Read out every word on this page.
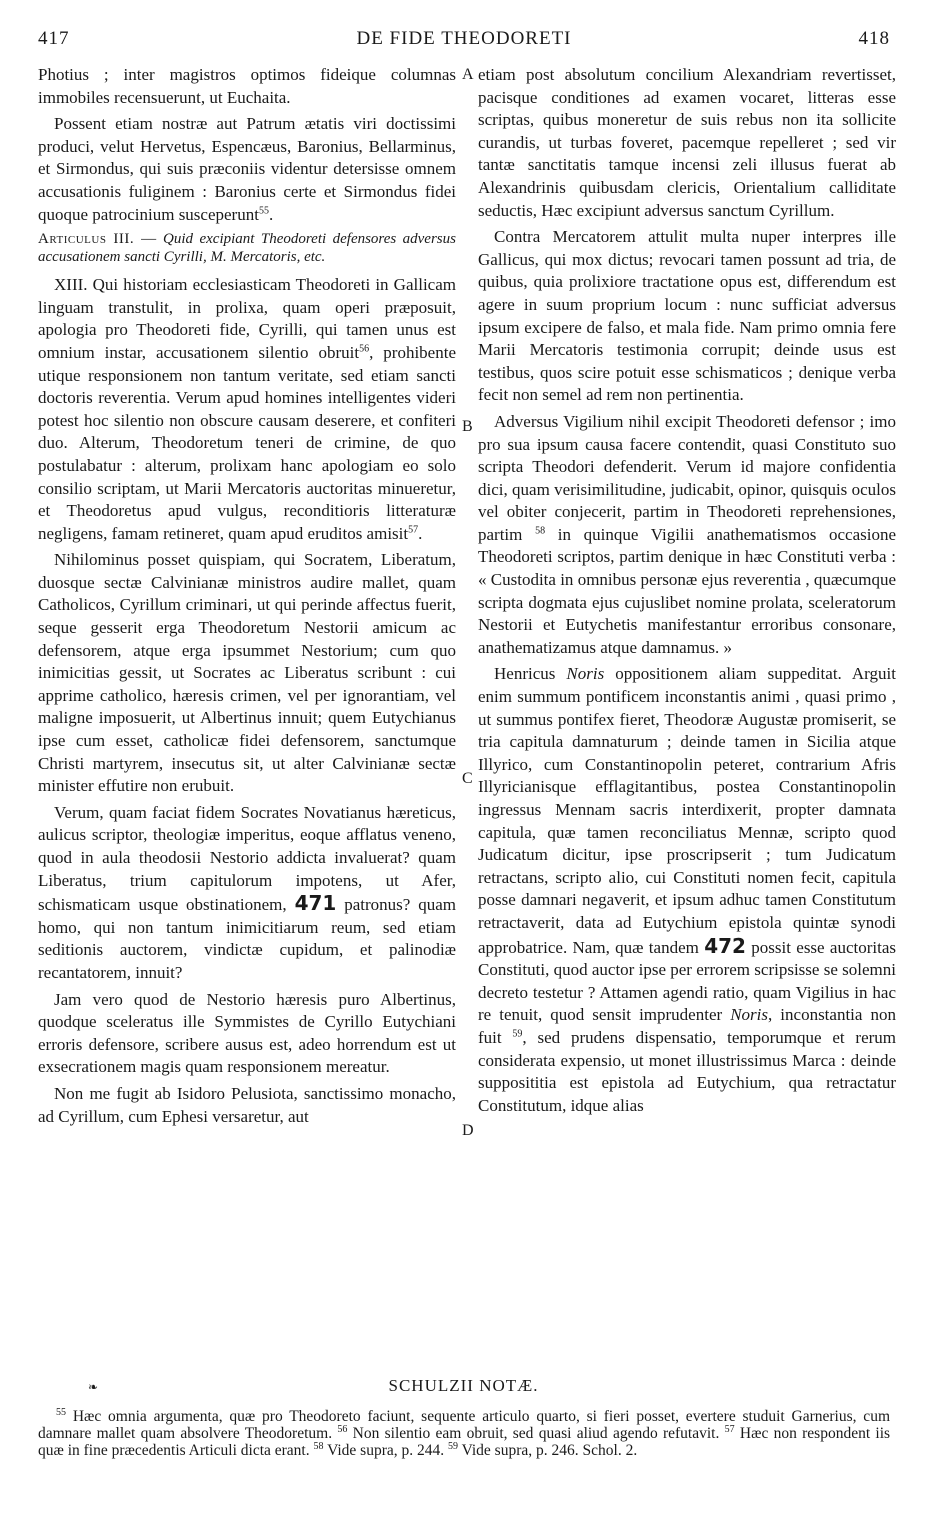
417	DE FIDE THEODORETI	418
A
B
C
D

Photius ; inter magistros optimos fideique columnas immobiles recensuerunt, ut Euchaita.

Possent etiam nostræ aut Patrum ætatis viri doctissimi produci, velut Hervetus, Espencæus, Baronius, Bellarminus, et Sirmondus, qui suis præconiis videntur detersisse omnem accusationis fuliginem : Baronius certe et Sirmondus fidei quoque patrocinium susceperunt$^{55}$.

Articulus III. — Quid excipiant Theodoreti defensores adversus accusationem sancti Cyrilli, M. Mercatoris, etc.

XIII. Qui historiam ecclesiasticam Theodoreti in Gallicam linguam transtulit, in prolixa, quam operi præposuit, apologia pro Theodoreti fide, Cyrilli, qui tamen unus est omnium instar, accusationem silentio obruit$^{56}$, prohibente utique responsionem non tantum veritate, sed etiam sancti doctoris reverentia. Verum apud homines intelligentes videri potest hoc silentio non obscure causam deserere, et confiteri duo. Alterum, Theodoretum teneri de crimine, de quo postulabatur : alterum, prolixam hanc apologiam eo solo consilio scriptam, ut Marii Mercatoris auctoritas minueretur, et Theodoretus apud vulgus, reconditioris litteraturæ negligens, famam retineret, quam apud eruditos amisit$^{57}$.

Nihilominus posset quispiam, qui Socratem, Liberatum, duosque sectæ Calvinianæ ministros audire mallet, quam Catholicos, Cyrillum criminari, ut qui perinde affectus fuerit, seque gesserit erga Theodoretum Nestorii amicum ac defensorem, atque erga ipsummet Nestorium; cum quo inimicitias gessit, ut Socrates ac Liberatus scribunt : cui apprime catholico, hæresis crimen, vel per ignorantiam, vel maligne imposuerit, ut Albertinus innuit; quem Eutychianus ipse cum esset, catholicæ fidei defensorem, sanctumque Christi martyrem, insecutus sit, ut alter Calvinianæ sectæ minister effutire non erubuit.

Verum, quam faciat fidem Socrates Novatianus hæreticus, aulicus scriptor, theologiæ imperitus, eoque afflatus veneno, quod in aula theodosii Nestorio addicta invaluerat? quam Liberatus, trium capitulorum impotens, ut Afer, schismaticam usque obstinationem, 471 patronus? quam homo, qui non tantum inimicitiarum reum, sed etiam seditionis auctorem, vindictæ cupidum, et palinodiæ recantatorem, innuit?

Jam vero quod de Nestorio hæresis puro Albertinus, quodque sceleratus ille Symmistes de Cyrillo Eutychiani erroris defensore, scribere ausus est, adeo horrendum est ut exsecrationem magis quam responsionem mereatur.

Non me fugit ab Isidoro Pelusiota, sanctissimo monacho, ad Cyrillum, cum Ephesi versaretur, aut

etiam post absolutum concilium Alexandriam revertisset, pacisque conditiones ad examen vocaret, litteras esse scriptas, quibus moneretur de suis rebus non ita sollicite curandis, ut turbas foveret, pacemque repelleret ; sed vir tantæ sanctitatis tamque incensi zeli illusus fuerat ab Alexandrinis quibusdam clericis, Orientalium calliditate seductis, Hæc excipiunt adversus sanctum Cyrillum.

Contra Mercatorem attulit multa nuper interpres ille Gallicus, qui mox dictus; revocari tamen possunt ad tria, de quibus, quia prolixiore tractatione opus est, differendum est agere in suum proprium locum : nunc sufficiat adversus ipsum excipere de falso, et mala fide. Nam primo omnia fere Marii Mercatoris testimonia corrupit; deinde usus est testibus, quos scire potuit esse schismaticos ; denique verba fecit non semel ad rem non pertinentia.

Adversus Vigilium nihil excipit Theodoreti defensor ; imo pro sua ipsum causa facere contendit, quasi Constituto suo scripta Theodori defenderit. Verum id majore confidentia dici, quam verisimilitudine, judicabit, opinor, quisquis oculos vel obiter conjecerit, partim in Theodoreti reprehensiones, partim $^{58}$ in quinque Vigilii anathematismos occasione Theodoreti scriptos, partim denique in hæc Constituti verba : « Custodita in omnibus personæ ejus reverentia , quæcumque scripta dogmata ejus cujuslibet nomine prolata, sceleratorum Nestorii et Eutychetis manifestantur erroribus consonare, anathematizamus atque damnamus. »

Henricus Noris oppositionem aliam suppeditat. Arguit enim summum pontificem inconstantis animi , quasi primo , ut summus pontifex fieret, Theodoræ Augustæ promiserit, se tria capitula damnaturum ; deinde tamen in Sicilia atque Illyrico, cum Constantinopolin peteret, contrarium Afris Illyricianisque efflagitantibus, postea Constantinopolin ingressus Mennam sacris interdixerit, propter damnata capitula, quæ tamen reconciliatus Mennæ, scripto quod Judicatum dicitur, ipse proscripserit ; tum Judicatum retractans, scripto alio, cui Constituti nomen fecit, capitula posse damnari negaverit, et ipsum adhuc tamen Constitutum retractaverit, data ad Eutychium epistola quintæ synodi approbatrice. Nam, quæ tandem 472 possit esse auctoritas Constituti, quod auctor ipse per errorem scripsisse se solemni decreto testetur ? Attamen agendi ratio, quam Vigilius in hac re tenuit, quod sensit imprudenter Noris, inconstantia non fuit $^{59}$, sed prudens dispensatio, temporumque et rerum considerata expensio, ut monet illustrissimus Marca : deinde supposititia est epistola ad Eutychium, qua retractatur Constitutum, idque alias

❧	SCHULZII NOTÆ.

$^{55}$ Hæc omnia argumenta, quæ pro Theodoreto faciunt, sequente articulo quarto, si fieri posset, evertere studuit Garnerius, cum damnare mallet quam absolvere Theodoretum. $^{56}$ Non silentio eam obruit, sed quasi aliud agendo refutavit. $^{57}$ Hæc non respondent iis quæ in fine præcedentis Articuli dicta erant. $^{58}$ Vide supra, p. 244. $^{59}$ Vide supra, p. 246. Schol. 2.
